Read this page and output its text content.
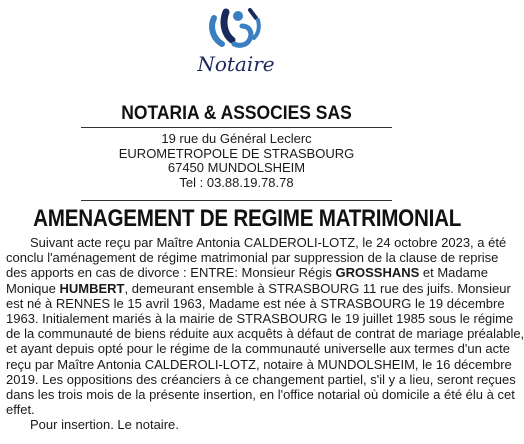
Notaire
NOTARIA & ASSOCIES SAS
19 rue du Général Leclerc
EUROMETROPOLE DE STRASBOURG
67450 MUNDOLSHEIM
Tel : 03.88.19.78.78
AMENAGEMENT DE REGIME MATRIMONIAL
Suivant acte reçu par Maître Antonia CALDEROLI-LOTZ, le 24 octobre 2023, a été
conclu l'aménagement de régime matrimonial par suppression de la clause de reprise
des apports en cas de divorce : ENTRE: Monsieur Régis GROSSHANS et Madame
Monique HUMBERT, demeurant ensemble à STRASBOURG 11 rue des juifs. Monsieur
est né à RENNES le 15 avril 1963, Madame est née à STRASBOURG le 19 décembre
1963. Initialement mariés à la mairie de STRASBOURG le 19 juillet 1985 sous le régime
de la communauté de biens réduite aux acquêts à défaut de contrat de mariage préalable,
et ayant depuis opté pour le régime de la communauté universelle aux termes d'un acte
reçu par Maître Antonia CALDEROLI-LOTZ, notaire à MUNDOLSHEIM, le 16 décembre
2019. Les oppositions des créanciers à ce changement partiel, s'il y a lieu, seront reçues
dans les trois mois de la présente insertion, en l'office notarial où domicile a été élu à cet
effet.
Pour insertion. Le notaire.
